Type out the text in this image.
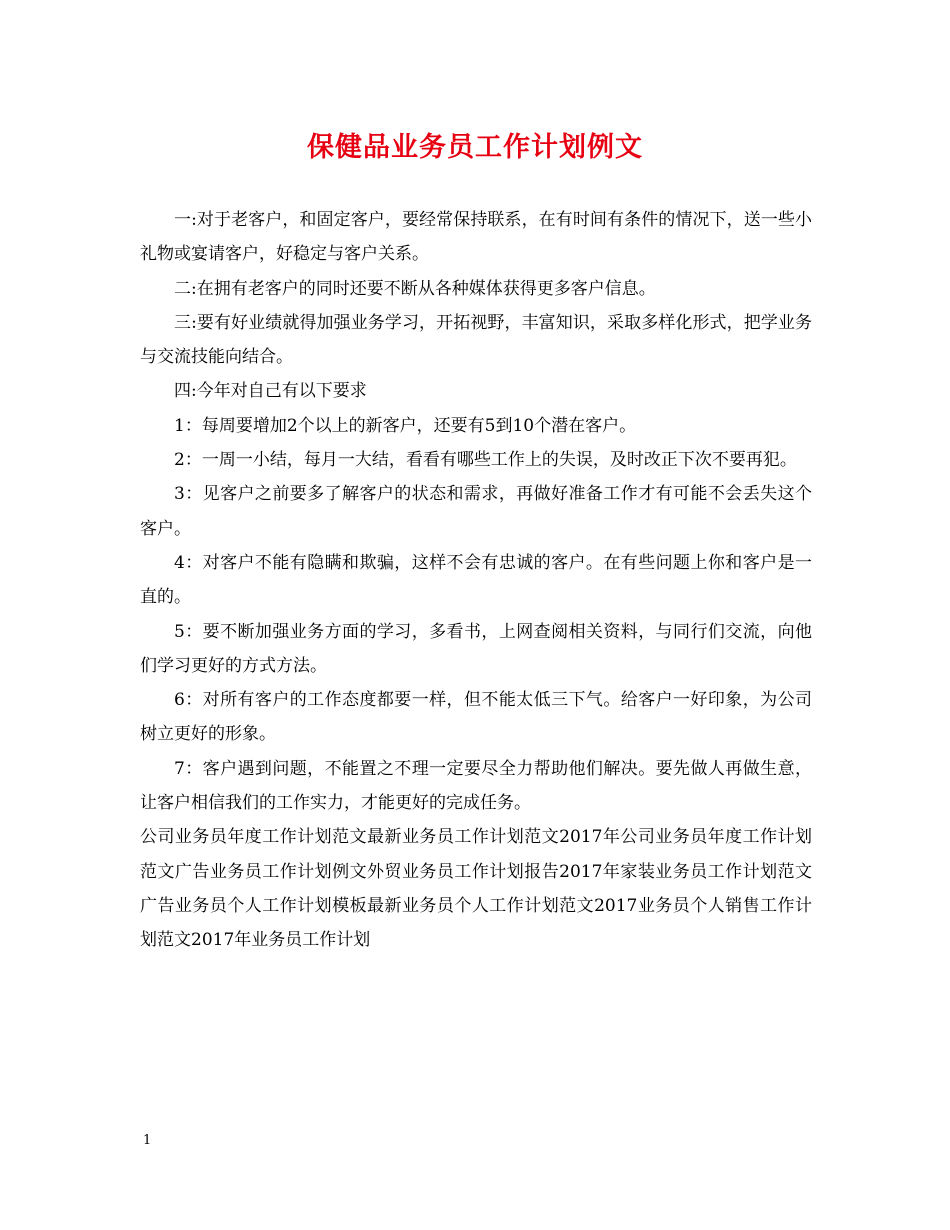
保健品业务员工作计划例文

一:对于老客户，和固定客户，要经常保持联系，在有时间有条件的情况下，送一些小礼物或宴请客户，好稳定与客户关系。

二:在拥有老客户的同时还要不断从各种媒体获得更多客户信息。

三:要有好业绩就得加强业务学习，开拓视野，丰富知识，采取多样化形式，把学业务与交流技能向结合。

四:今年对自己有以下要求

1：每周要增加2个以上的新客户，还要有5到10个潜在客户。

2：一周一小结，每月一大结，看看有哪些工作上的失误，及时改正下次不要再犯。

3：见客户之前要多了解客户的状态和需求，再做好准备工作才有可能不会丢失这个客户。

4：对客户不能有隐瞒和欺骗，这样不会有忠诚的客户。在有些问题上你和客户是一直的。

5：要不断加强业务方面的学习，多看书，上网查阅相关资料，与同行们交流，向他们学习更好的方式方法。

6：对所有客户的工作态度都要一样，但不能太低三下气。给客户一好印象，为公司树立更好的形象。

7：客户遇到问题，不能置之不理一定要尽全力帮助他们解决。要先做人再做生意，让客户相信我们的工作实力，才能更好的完成任务。

公司业务员年度工作计划范文最新业务员工作计划范文2017年公司业务员年度工作计划范文广告业务员工作计划例文外贸业务员工作计划报告2017年家装业务员工作计划范文广告业务员个人工作计划模板最新业务员个人工作计划范文2017业务员个人销售工作计划范文2017年业务员工作计划

1
